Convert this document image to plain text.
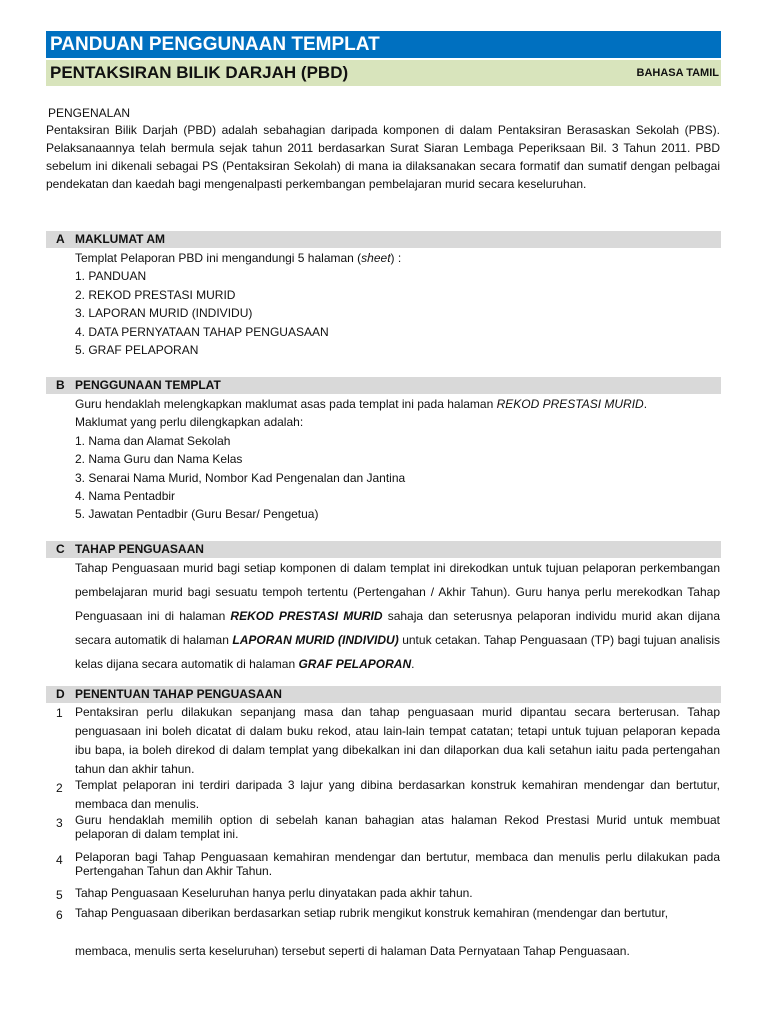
PANDUAN PENGGUNAAN TEMPLAT
PENTAKSIRAN BILIK DARJAH (PBD)	BAHASA TAMIL
PENGENALAN
Pentaksiran Bilik Darjah (PBD) adalah sebahagian daripada komponen di dalam Pentaksiran Berasaskan Sekolah (PBS). Pelaksanaannya telah bermula sejak tahun 2011 berdasarkan Surat Siaran Lembaga Peperiksaan Bil. 3 Tahun 2011. PBD sebelum ini dikenali sebagai PS (Pentaksiran Sekolah) di mana ia dilaksanakan secara formatif dan sumatif dengan pelbagai pendekatan dan kaedah bagi mengenalpasti perkembangan pembelajaran murid secara keseluruhan.
A MAKLUMAT AM
Templat Pelaporan PBD ini mengandungi 5 halaman (sheet) :
1. PANDUAN
2. REKOD PRESTASI MURID
3. LAPORAN MURID (INDIVIDU)
4. DATA PERNYATAAN TAHAP PENGUASAAN
5. GRAF PELAPORAN
B PENGGUNAAN TEMPLAT
Guru hendaklah melengkapkan maklumat asas pada templat ini pada halaman REKOD PRESTASI MURID.
Maklumat yang perlu dilengkapkan adalah:
1. Nama dan Alamat Sekolah
2. Nama Guru dan Nama Kelas
3. Senarai Nama Murid, Nombor Kad Pengenalan dan Jantina
4. Nama Pentadbir
5. Jawatan Pentadbir (Guru Besar/ Pengetua)
C TAHAP PENGUASAAN
Tahap Penguasaan murid bagi setiap komponen di dalam templat ini direkodkan untuk tujuan pelaporan perkembangan pembelajaran murid bagi sesuatu tempoh tertentu (Pertengahan / Akhir Tahun). Guru hanya perlu merekodkan Tahap Penguasaan ini di halaman REKOD PRESTASI MURID sahaja dan seterusnya pelaporan individu murid akan dijana secara automatik di halaman LAPORAN MURID (INDIVIDU) untuk cetakan. Tahap Penguasaan (TP) bagi tujuan analisis kelas dijana secara automatik di halaman GRAF PELAPORAN.
D PENENTUAN TAHAP PENGUASAAN
1 Pentaksiran perlu dilakukan sepanjang masa dan tahap penguasaan murid dipantau secara berterusan. Tahap penguasaan ini boleh dicatat di dalam buku rekod, atau lain-lain tempat catatan; tetapi untuk tujuan pelaporan kepada ibu bapa, ia boleh direkod di dalam templat yang dibekalkan ini dan dilaporkan dua kali setahun iaitu pada pertengahan tahun dan akhir tahun.
2 Templat pelaporan ini terdiri daripada 3 lajur yang dibina berdasarkan konstruk kemahiran mendengar dan bertutur, membaca dan menulis.
3 Guru hendaklah memilih option di sebelah kanan bahagian atas halaman Rekod Prestasi Murid untuk membuat pelaporan di dalam templat ini.
4 Pelaporan bagi Tahap Penguasaan kemahiran mendengar dan bertutur, membaca dan menulis perlu dilakukan pada Pertengahan Tahun dan Akhir Tahun.
5 Tahap Penguasaan Keseluruhan hanya perlu dinyatakan pada akhir tahun.
6 Tahap Penguasaan diberikan berdasarkan setiap rubrik mengikut konstruk kemahiran (mendengar dan bertutur,
membaca, menulis serta keseluruhan) tersebut seperti di halaman Data Pernyataan Tahap Penguasaan.
